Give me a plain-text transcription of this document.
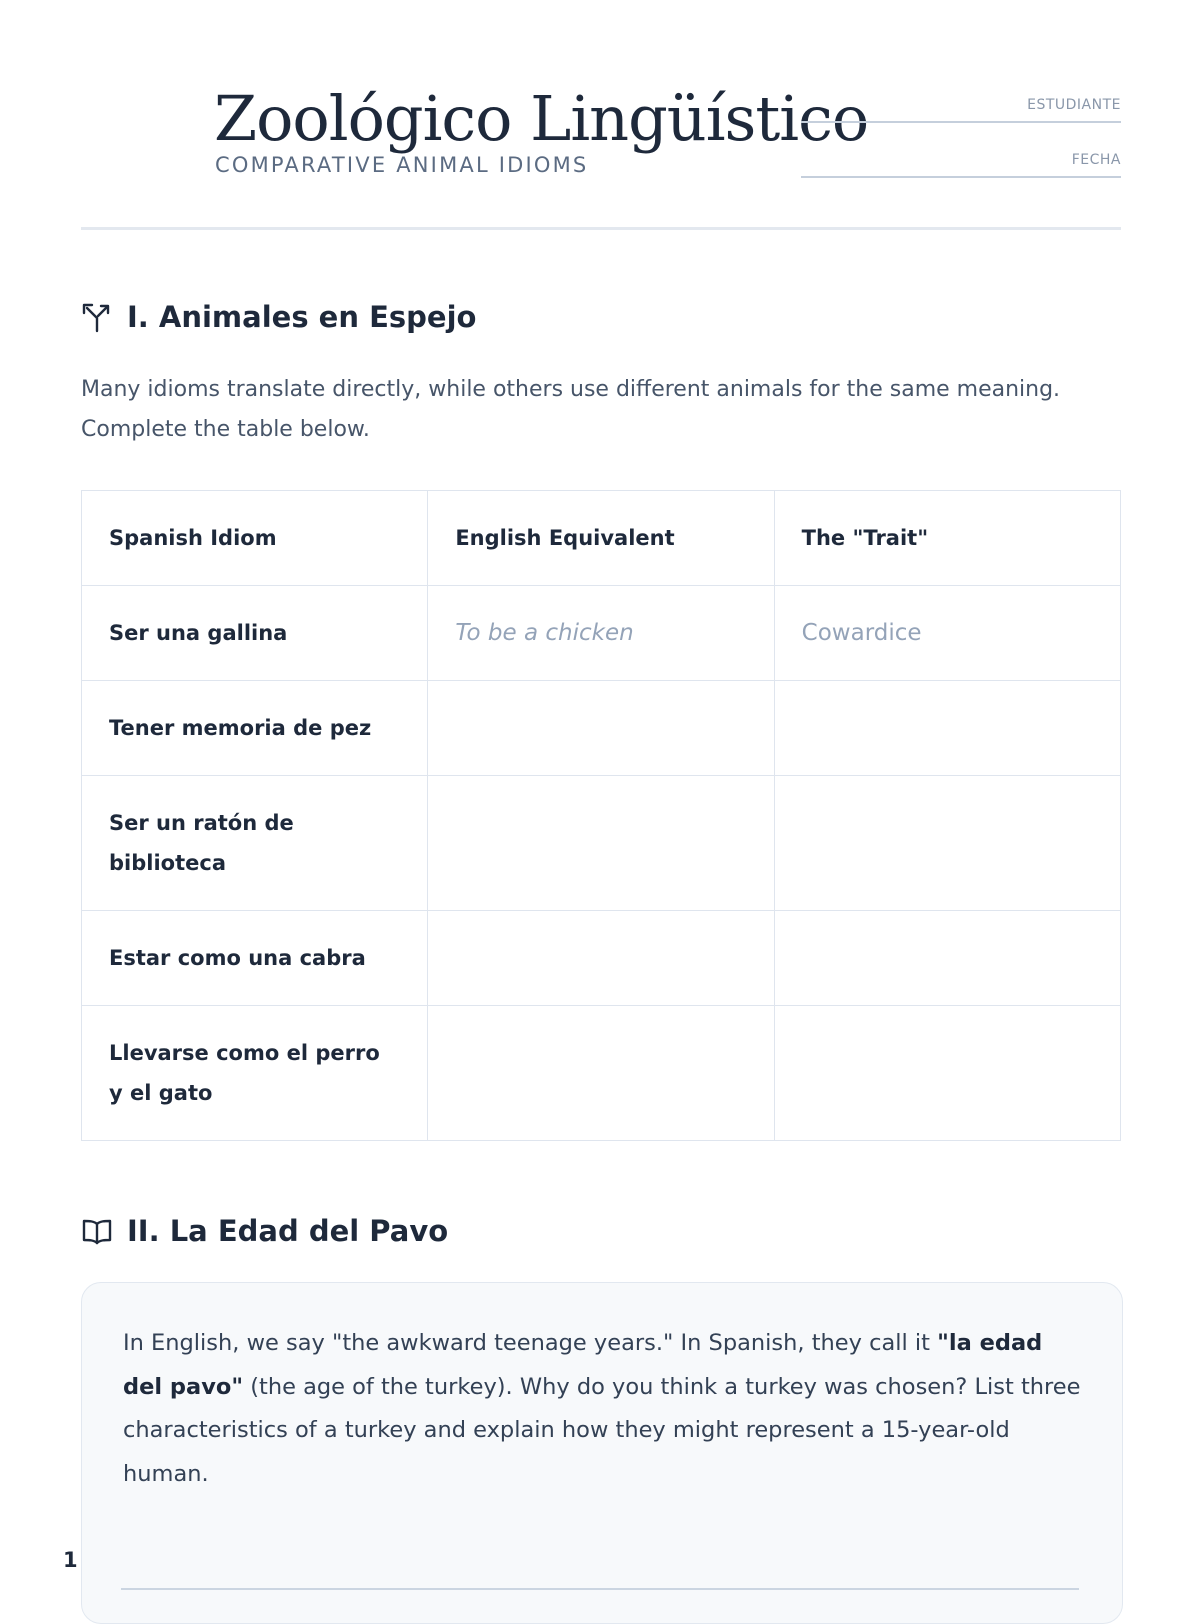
Zoológico Lingüístico
COMPARATIVE ANIMAL IDIOMS
ESTUDIANTE
FECHA
I. Animales en Espejo
Many idioms translate directly, while others use different animals for the same meaning. Complete the table below.
Spanish Idiom	English Equivalent	The "Trait"
Ser una gallina	To be a chicken	Cowardice
Tener memoria de pez		
Ser un ratón de biblioteca		
Estar como una cabra		
Llevarse como el perro y el gato		
II. La Edad del Pavo
In English, we say "the awkward teenage years." In Spanish, they call it "la edad del pavo" (the age of the turkey). Why do you think a turkey was chosen? List three characteristics of a turkey and explain how they might represent a 15-year-old human.
1
